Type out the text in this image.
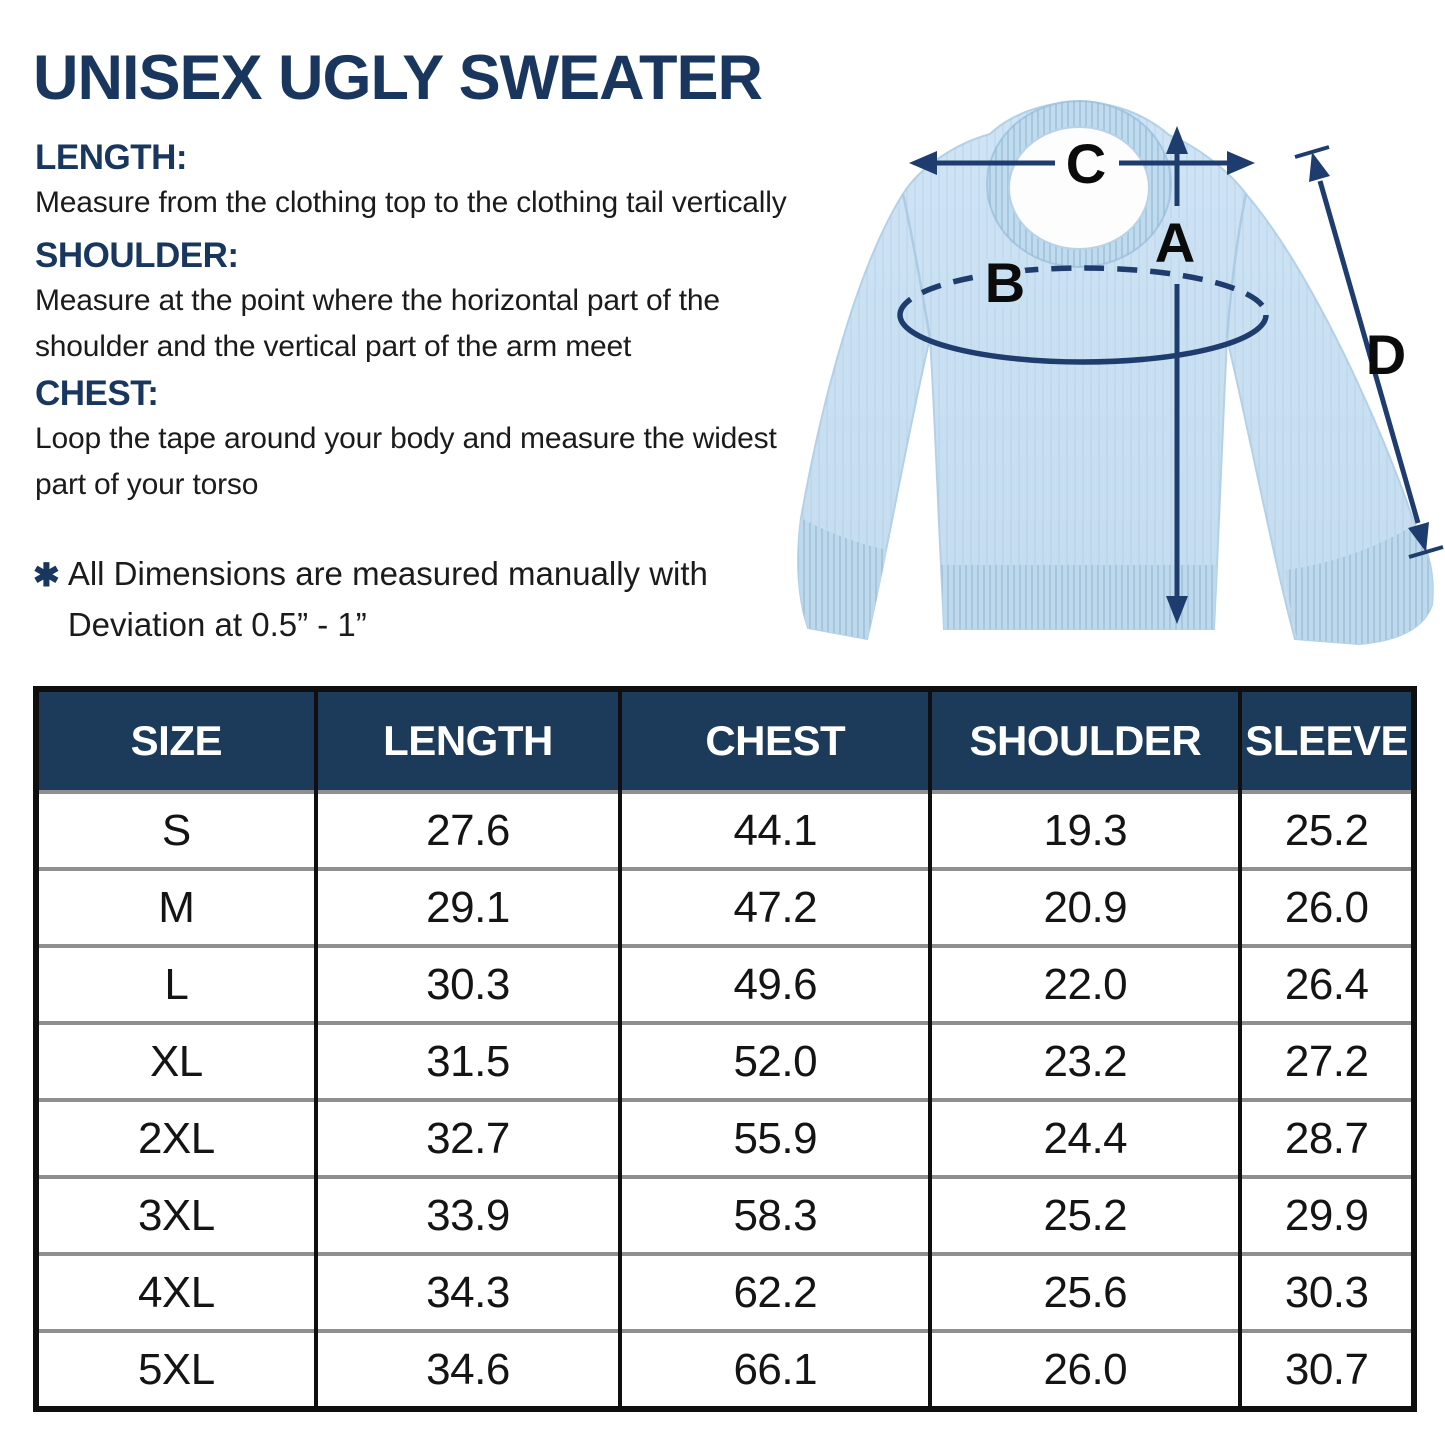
UNISEX UGLY SWEATER
LENGTH:
Measure from the clothing top to the clothing tail vertically
SHOULDER:
Measure at the point where the horizontal part of the
shoulder and the vertical part of the arm meet
CHEST:
Loop the tape around your body and measure the widest
part of your torso
✱ All Dimensions are measured manually with
Deviation at 0.5” - 1”
C
A
B
D
SIZE	LENGTH	CHEST	SHOULDER	SLEEVE
S	27.6	44.1	19.3	25.2
M	29.1	47.2	20.9	26.0
L	30.3	49.6	22.0	26.4
XL	31.5	52.0	23.2	27.2
2XL	32.7	55.9	24.4	28.7
3XL	33.9	58.3	25.2	29.9
4XL	34.3	62.2	25.6	30.3
5XL	34.6	66.1	26.0	30.7
